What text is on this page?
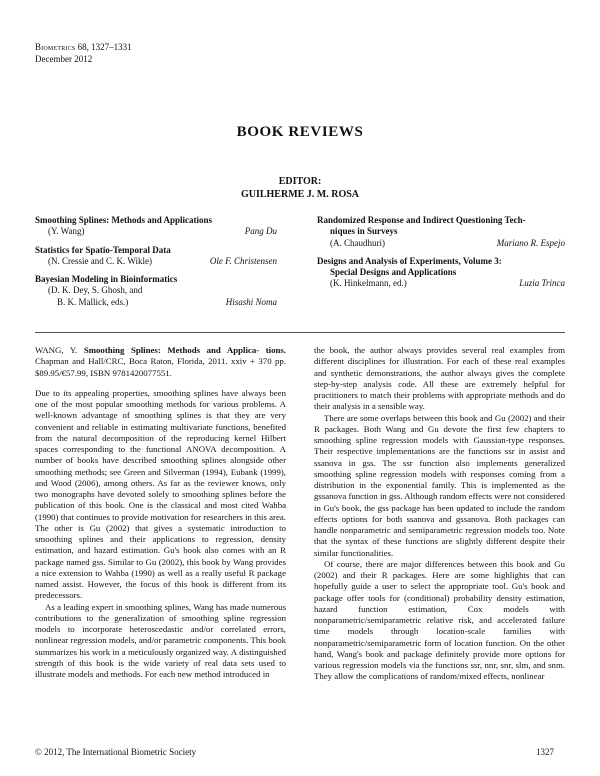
Biometrics 68, 1327–1331
December 2012
BOOK REVIEWS
EDITOR:
GUILHERME J. M. ROSA
Smoothing Splines: Methods and Applications
(Y. Wang)	Pang Du
Statistics for Spatio-Temporal Data
(N. Cressie and C. K. Wikle)	Ole F. Christensen
Bayesian Modeling in Bioinformatics
(D. K. Dey, S. Ghosh, and
B. K. Mallick, eds.)	Hisashi Noma
Randomized Response and Indirect Questioning Tech-
niques in Surveys
(A. Chaudhuri)	Mariano R. Espejo
Designs and Analysis of Experiments, Volume 3:
Special Designs and Applications
(K. Hinkelmann, ed.)	Luzia Trinca

WANG, Y. Smoothing Splines: Methods and Applica- tions. Chapman and Hall/CRC, Boca Raton, Florida, 2011. xxiv + 370 pp. $89.95/€57.99, ISBN 9781420077551.

Due to its appealing properties, smoothing splines have always been one of the most popular smoothing methods for various problems. A well-known advantage of smoothing splines is that they are very convenient and reliable in estimating multivariate functions, benefited from the natural decomposition of the reproducing kernel Hilbert spaces corresponding to the functional ANOVA decomposition. A number of books have described smoothing splines alongside other smoothing methods; see Green and Silverman (1994), Eubank (1999), and Wood (2006), among others. As far as the reviewer knows, only two monographs have devoted solely to smoothing splines before the publication of this book. One is the classical and most cited Wahba (1990) that continues to provide motivation for researchers in this area. The other is Gu (2002) that gives a systematic introduction to smoothing splines and their applications to regression, density estimation, and hazard estimation. Gu's book also comes with an R package named gss. Similar to Gu (2002), this book by Wang provides a nice extension to Wahba (1990) as well as a really useful R package named assist. However, the focus of this book is different from its predecessors.

As a leading expert in smoothing splines, Wang has made numerous contributions to the generalization of smoothing spline regression models to incorporate heteroscedastic and/or correlated errors, nonlinear regression models, and/or parametric components. This book summarizes his work in a meticulously organized way. A distinguished strength of this book is the wide variety of real data sets used to illustrate models and methods. For each new method introduced in

the book, the author always provides several real examples from different disciplines for illustration. For each of these real examples and synthetic demonstrations, the author always gives the complete step-by-step analysis code. All these are extremely helpful for practitioners to match their problems with appropriate methods and do their analysis in a sensible way.

There are some overlaps between this book and Gu (2002) and their R packages. Both Wang and Gu devote the first few chapters to smoothing spline regression models with Gaussian-type responses. Their respective implementations are the functions ssr in assist and ssanova in gss. The ssr function also implements generalized smoothing spline regression models with responses coming from a distribution in the exponential family. This is implemented as the gssanova function in gss. Although random effects were not considered in Gu's book, the gss package has been updated to include the random effects options for both ssanova and gssanova. Both packages can handle nonparametric and semiparametric regression models too. Note that the syntax of these functions are slightly different despite their similar functionalities.

Of course, there are major differences between this book and Gu (2002) and their R packages. Here are some highlights that can hopefully guide a user to select the appropriate tool. Gu's book and package offer tools for (conditional) probability density estimation, hazard function estimation, Cox models with nonparametric/semiparametric relative risk, and accelerated failure time models through location-scale families with nonparametric/semiparametric form of location function. On the other hand, Wang's book and package definitely provide more options for various regression models via the functions ssr, nnr, snr, slm, and snm. They allow the complications of random/mixed effects, nonlinear

© 2012, The International Biometric Society	1327
